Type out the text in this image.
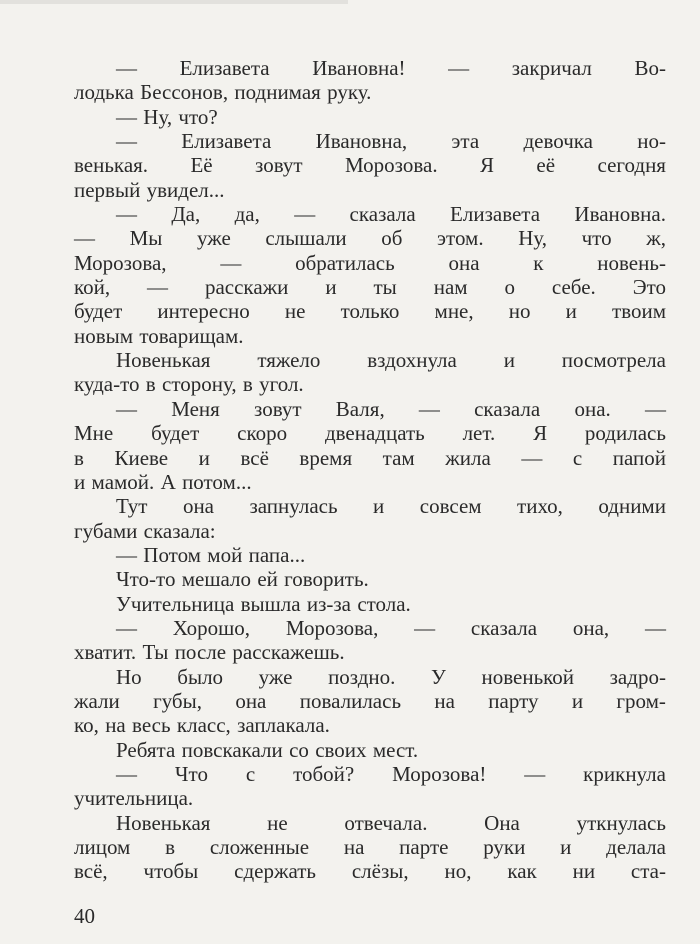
— Елизавета Ивановна! — закричал Во-
лодька Бессонов, поднимая руку.
— Ну, что?
— Елизавета Ивановна, эта девочка но-
венькая. Её зовут Морозова. Я её сегодня
первый увидел...
— Да, да, — сказала Елизавета Ивановна.
— Мы уже слышали об этом. Ну, что ж,
Морозова,	—	обратилась	она	к	новень-
кой, — расскажи и ты нам о себе. Это
будет интересно не только мне, но и твоим
новым товарищам.
Новенькая тяжело вздохнула и посмотрела
куда-то в сторону, в угол.
— Меня зовут Валя, — сказала она. —
Мне будет скоро двенадцать лет. Я родилась
в Киеве и всё время там жила — с папой
и мамой. А потом...
Тут она запнулась и совсем тихо, одними
губами сказала:
— Потом мой папа...
Что-то мешало ей говорить.
Учительница вышла из-за стола.
— Хорошо, Морозова, — сказала она, —
хватит. Ты после расскажешь.
Но было уже поздно. У новенькой задро-
жали губы, она повалилась на парту и гром-
ко, на весь класс, заплакала.
Ребята повскакали со своих мест.
— Что с тобой? Морозова! — крикнула
учительница.
Новенькая	не	отвечала.	Она	уткнулась
лицом в сложенные на парте руки и делала
всё, чтобы сдержать слёзы, но, как ни ста-
40
